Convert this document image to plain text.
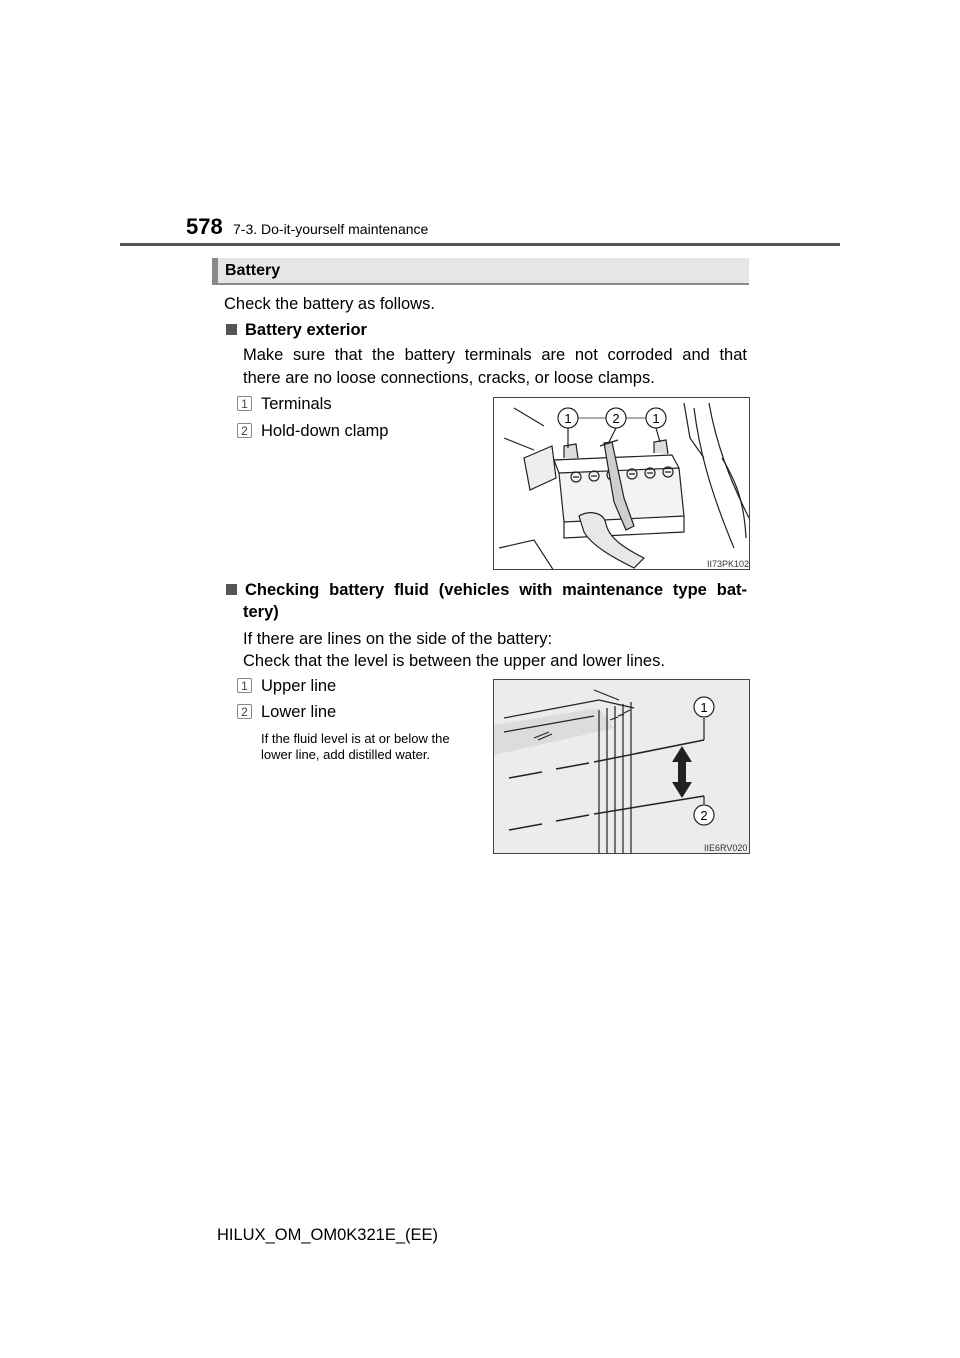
578 7-3. Do-it-yourself maintenance
Battery
Check the battery as follows.
Battery exterior
Make sure that the battery terminals are not corroded and that
there are no loose connections, cracks, or loose clamps.
1 Terminals
2 Hold-down clamp
1	2	1
II73PK102
Checking battery fluid (vehicles with maintenance type bat-
tery)
If there are lines on the side of the battery:
Check that the level is between the upper and lower lines.
1 Upper line
2 Lower line
If the fluid level is at or below the
lower line, add distilled water.
1
2
IIE6RV020
HILUX_OM_OM0K321E_(EE)
